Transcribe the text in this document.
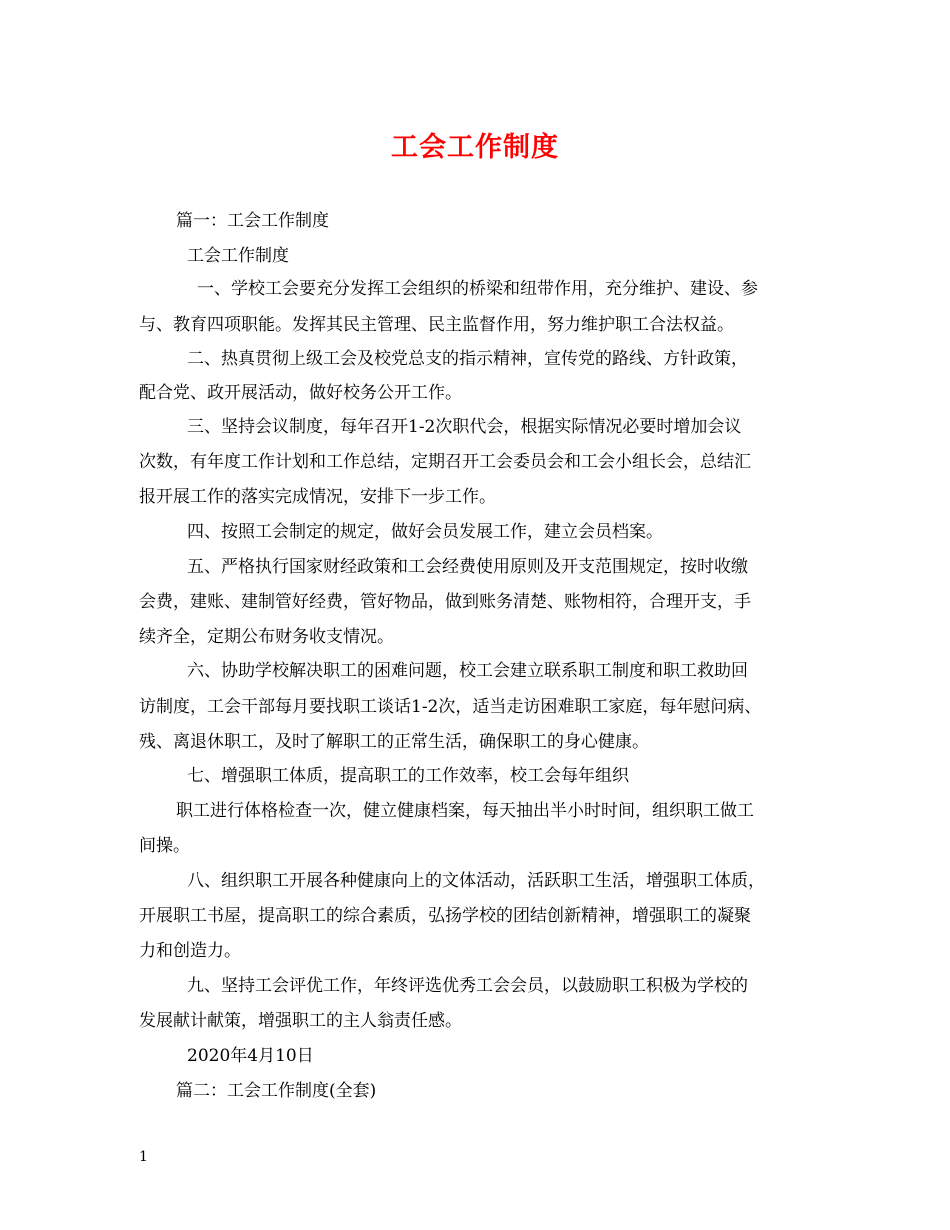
工会工作制度
篇一：工会工作制度
工会工作制度
一、学校工会要充分发挥工会组织的桥梁和纽带作用，充分维护、建设、参
与、教育四项职能。发挥其民主管理、民主监督作用，努力维护职工合法权益。
二、热真贯彻上级工会及校党总支的指示精神，宣传党的路线、方针政策，
配合党、政开展活动，做好校务公开工作。
三、坚持会议制度，每年召开1-2次职代会，根据实际情况必要时增加会议
次数，有年度工作计划和工作总结，定期召开工会委员会和工会小组长会，总结汇
报开展工作的落实完成情况，安排下一步工作。
四、按照工会制定的规定，做好会员发展工作，建立会员档案。
五、严格执行国家财经政策和工会经费使用原则及开支范围规定，按时收缴
会费，建账、建制管好经费，管好物品，做到账务清楚、账物相符，合理开支，手
续齐全，定期公布财务收支情况。
六、协助学校解决职工的困难问题，校工会建立联系职工制度和职工救助回
访制度，工会干部每月要找职工谈话1-2次，适当走访困难职工家庭，每年慰问病、
残、离退休职工，及时了解职工的正常生活，确保职工的身心健康。
七、增强职工体质，提高职工的工作效率，校工会每年组织
职工进行体格检查一次，健立健康档案，每天抽出半小时时间，组织职工做工
间操。
八、组织职工开展各种健康向上的文体活动，活跃职工生活，增强职工体质，
开展职工书屋，提高职工的综合素质，弘扬学校的团结创新精神，增强职工的凝聚
力和创造力。
九、坚持工会评优工作，年终评选优秀工会会员，以鼓励职工积极为学校的
发展献计献策，增强职工的主人翁责任感。
2020年4月10日
篇二：工会工作制度(全套)
1
